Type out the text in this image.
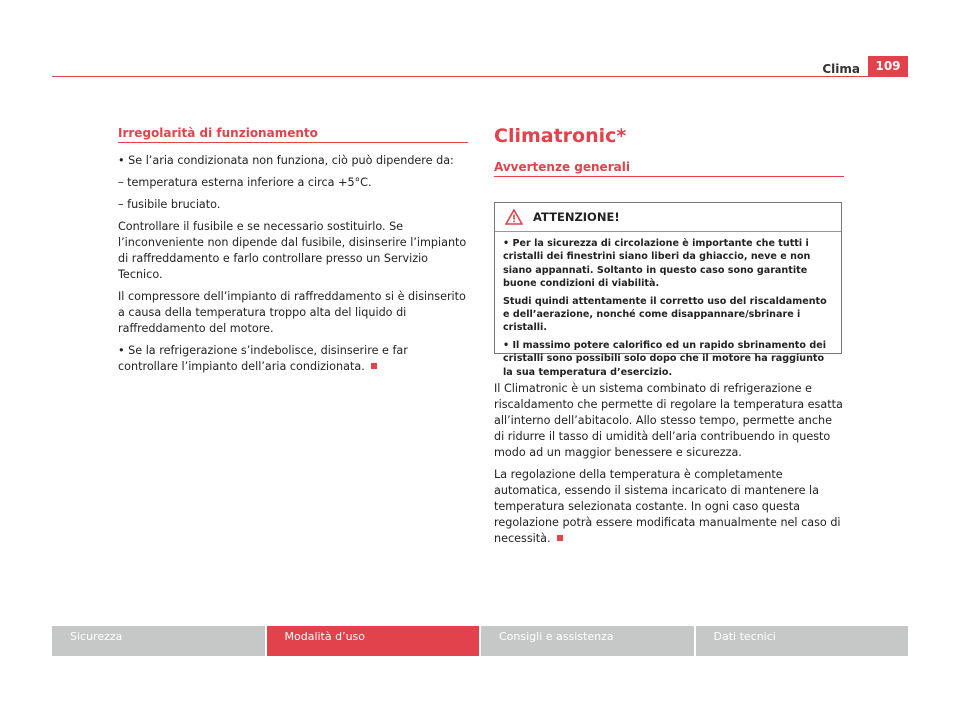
Clima	109
Irregolarità di funzionamento

• Se l’aria condizionata non funziona, ciò può dipendere da:

– temperatura esterna inferiore a circa +5°C.

– fusibile bruciato.

Controllare il fusibile e se necessario sostituirlo. Se l’inconveniente non dipende dal fusibile, disinserire l’impianto di raffreddamento e farlo controllare presso un Servizio Tecnico.

Il compressore dell’impianto di raffreddamento si è disinserito a causa della temperatura troppo alta del liquido di raffreddamento del motore.

• Se la refrigerazione s’indebolisce, disinserire e far controllare l’impianto dell’aria condizionata.

Climatronic*
Avvertenze generali
ATTENZIONE!

• Per la sicurezza di circolazione è importante che tutti i cristalli dei finestrini siano liberi da ghiaccio, neve e non siano appannati. Soltanto in questo caso sono garantite buone condizioni di viabilità.

Studi quindi attentamente il corretto uso del riscaldamento e dell’aerazione, nonché come disappannare/sbrinare i cristalli.

• Il massimo potere calorifico ed un rapido sbrinamento dei cristalli sono possibili solo dopo che il motore ha raggiunto la sua temperatura d’esercizio.

Il Climatronic è un sistema combinato di refrigerazione e riscaldamento che permette di regolare la temperatura esatta all’interno dell’abitacolo. Allo stesso tempo, permette anche di ridurre il tasso di umidità dell’aria contribuendo in questo modo ad un maggior benessere e sicurezza.

La regolazione della temperatura è completamente automatica, essendo il sistema incaricato di mantenere la temperatura selezionata costante. In ogni caso questa regolazione potrà essere modificata manualmente nel caso di necessità.

Sicurezza	Modalità d’uso	Consigli e assistenza	Dati tecnici
